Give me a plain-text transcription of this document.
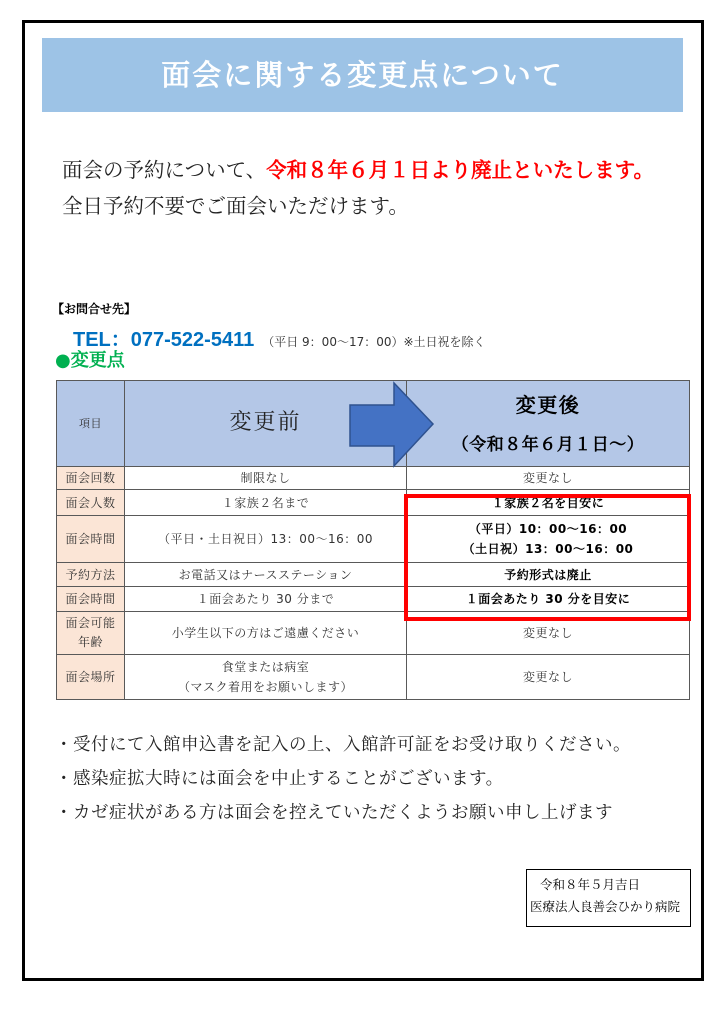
面会に関する変更点について
面会の予約について、令和８年６月１日より廃止といたします。
全日予約不要でご面会いただけます。
【お問合せ先】
TEL：077-522-5411 （平日 9：00～17：00）※土日祝を除く
●変更点
項目	変更前	変更後
（令和８年６月１日～）

面会回数	制限なし	変更なし

面会人数	１家族２名まで	１家族２名を目安に

面会時間	（平日・土日祝日）13：00～16：00	（平日）10：00～16：00
（土日祝）13：00～16：00

予約方法	お電話又はナースステーション	予約形式は廃止

面会時間	１面会あたり 30 分まで	１面会あたり 30 分を目安に

面会可能
年齢	小学生以下の方はご遠慮ください	変更なし

面会場所	食堂または病室
（マスク着用をお願いします）	変更なし
・受付にて入館申込書を記入の上、入館許可証をお受け取りください。
・感染症拡大時には面会を中止することがございます。
・カゼ症状がある方は面会を控えていただくようお願い申し上げます
令和８年５月吉日
医療法人良善会ひかり病院
